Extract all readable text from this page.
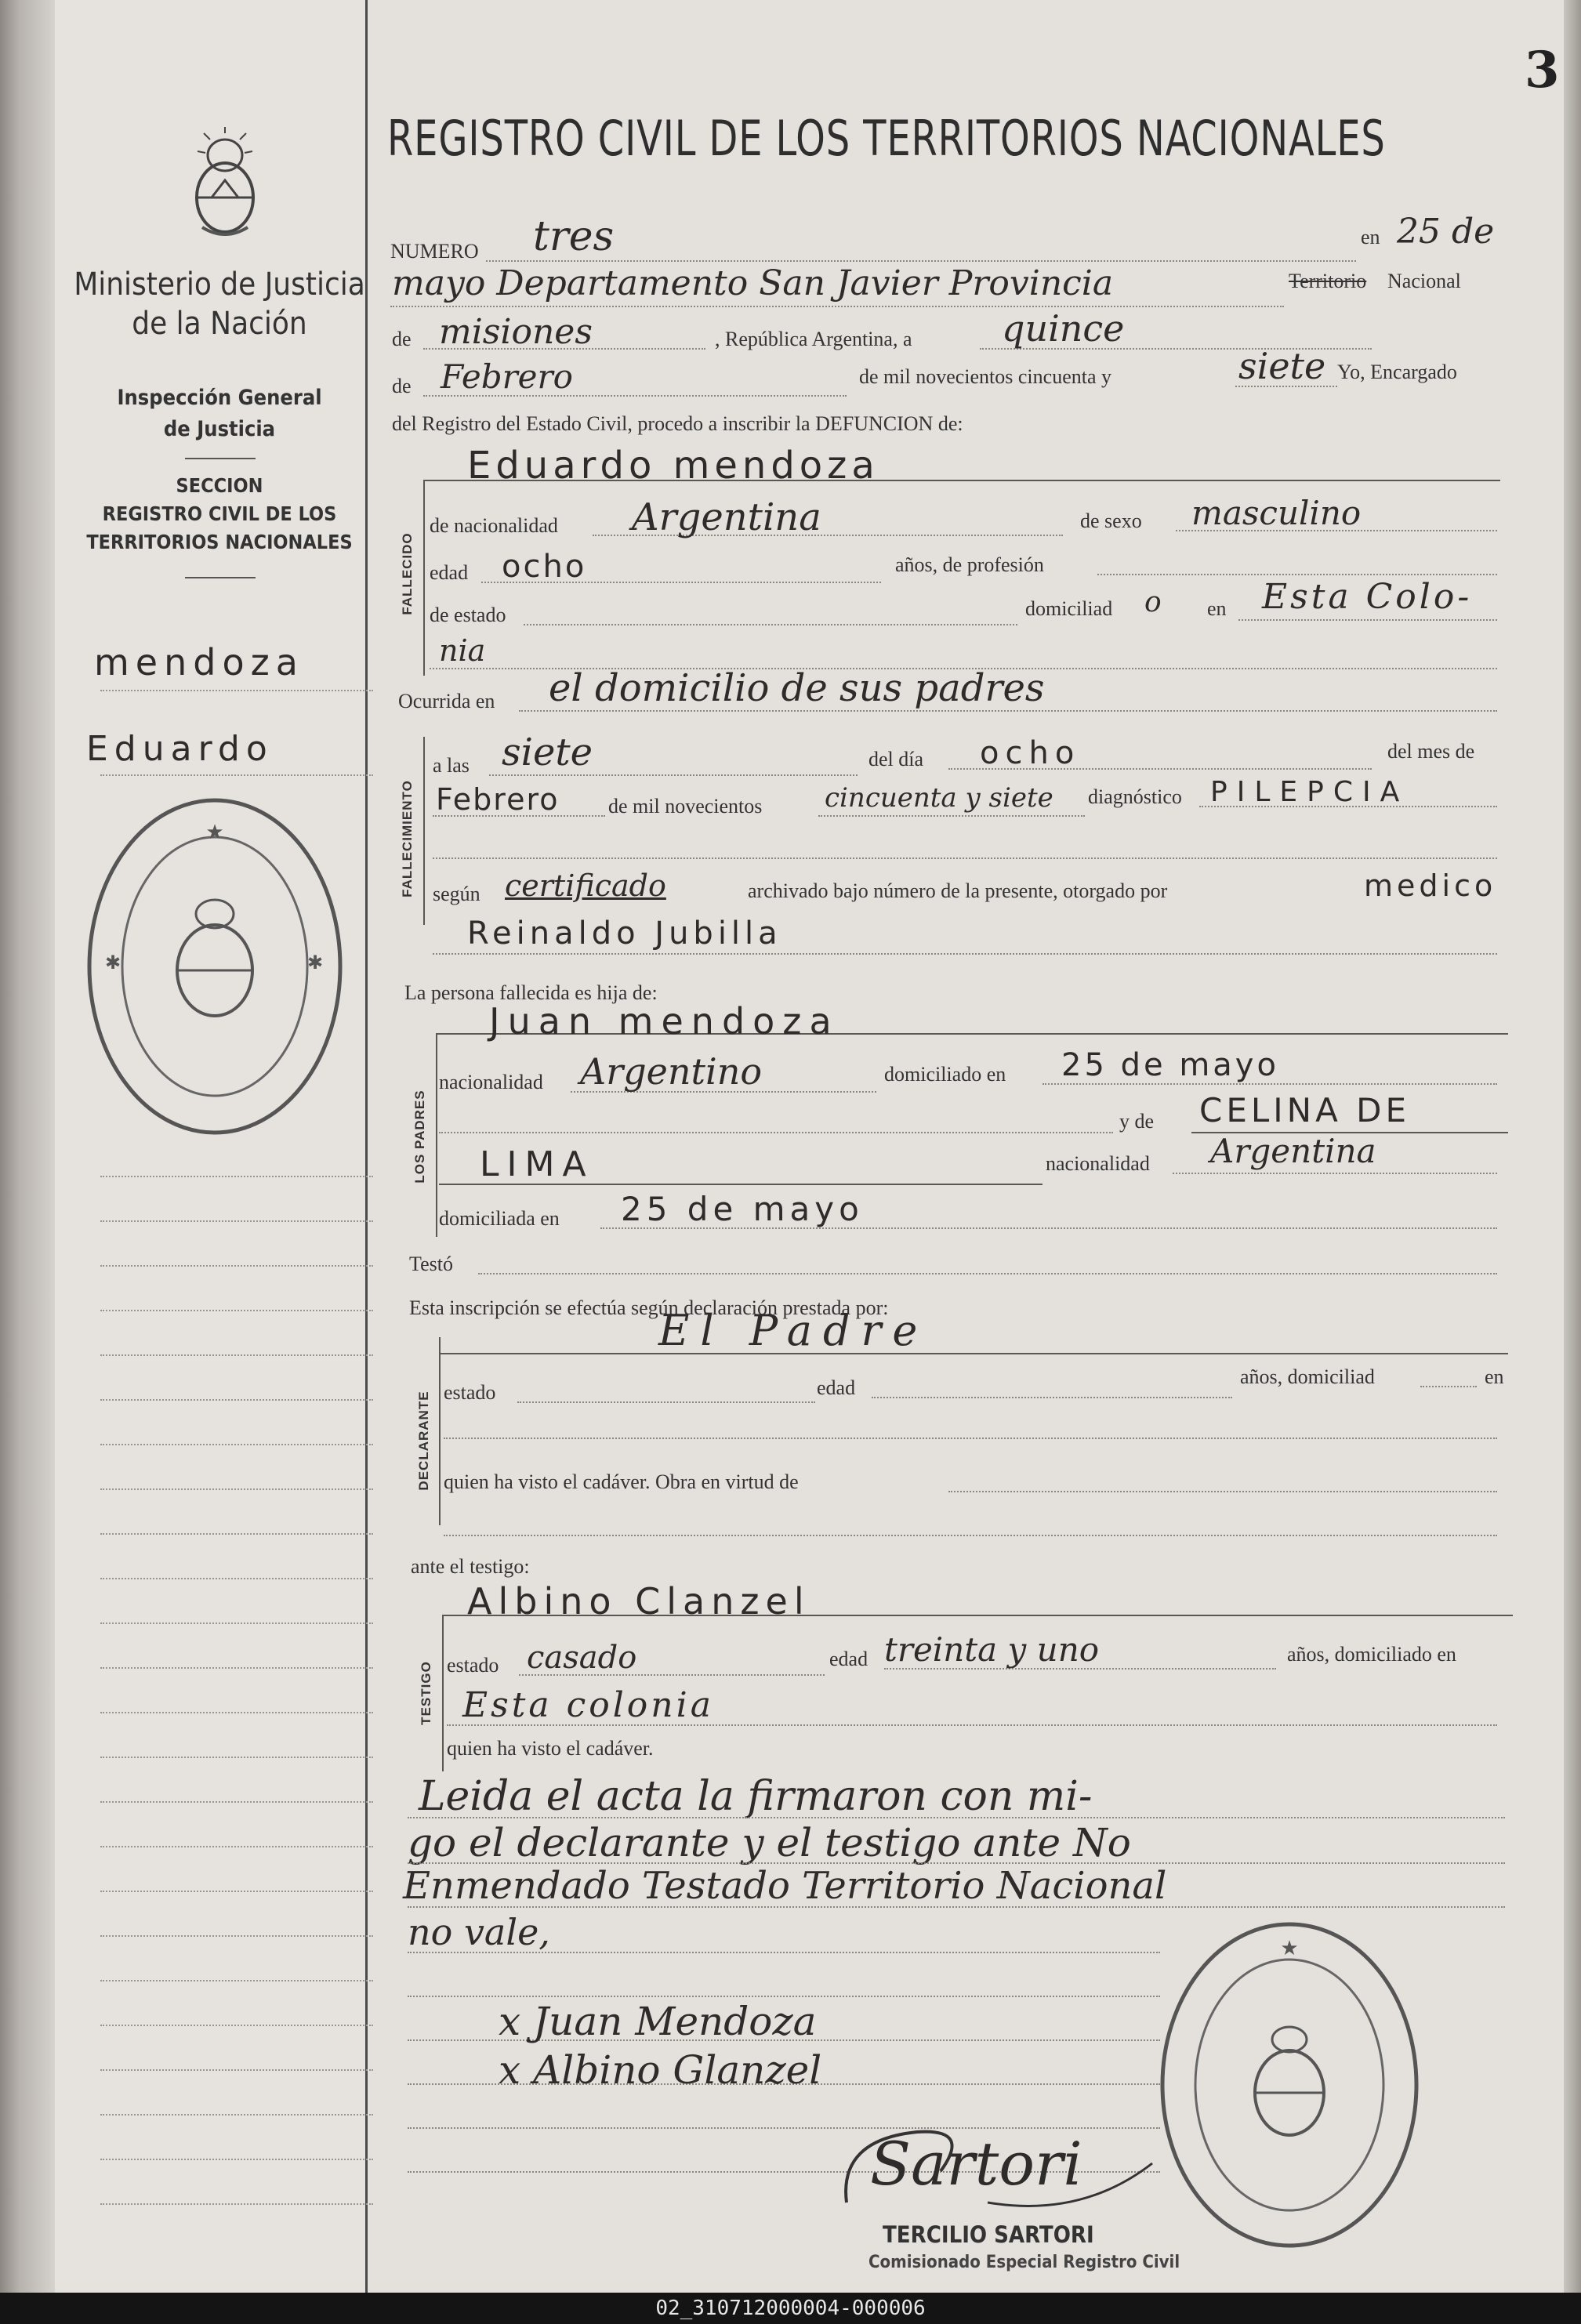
3
Ministerio de Justicia
de la Nación
Inspección General
de Justicia
SECCION
REGISTRO CIVIL DE LOS
TERRITORIOS NACIONALES
mendoza
Eduardo
★
✱	✱
REGISTRO CIVIL DE LOS TERRITORIOS NACIONALES
NUMERO tres	en 25 de
mayo Departamento San Javier Provincia	Territorio Nacional
de misiones	, República Argentina, a quince
de Febrero	de mil novecientos cincuenta y	siete Yo, Encargado
del Registro del Estado Civil, procedo a inscribir la DEFUNCION de:
Eduardo mendoza
FALLECIDO
de nacionalidad Argentina	de sexo masculino
edad ocho	años, de profesión
de estado	domiciliad o en Esta Colo-
nia
Ocurrida en el domicilio de sus padres
FALLECIMIENTO
a las siete	del día ocho	del mes de
Febrero de mil novecientos cincuenta y siete diagnóstico PILEPCIA
según certificado	archivado bajo número de la presente, otorgado por	medico
Reinaldo Jubilla
La persona fallecida es hija de:
Juan mendoza
LOS PADRES
nacionalidad Argentino	domiciliado en 25 de mayo
y de CELINA DE
LIMA	nacionalidad Argentina
domiciliada en 25 de mayo
Testó
Esta inscripción se efectúa según declaración prestada por:
El Padre
DECLARANTE estado	edad	años, domiciliad	en
quien ha visto el cadáver. Obra en virtud de
ante el testigo:
Albino Clanzel
TESTIGO estado casado	edad treinta y uno	años, domiciliado en
Esta colonia
quien ha visto el cadáver.
Leida el acta la firmaron con mi-
go el declarante y el testigo ante No
Enmendado Testado Territorio Nacional
no vale,
x Juan Mendoza
x Albino Glanzel
Sartori
TERCILIO SARTORI
Comisionado Especial Registro Civil
★
02_310712000004-000006
